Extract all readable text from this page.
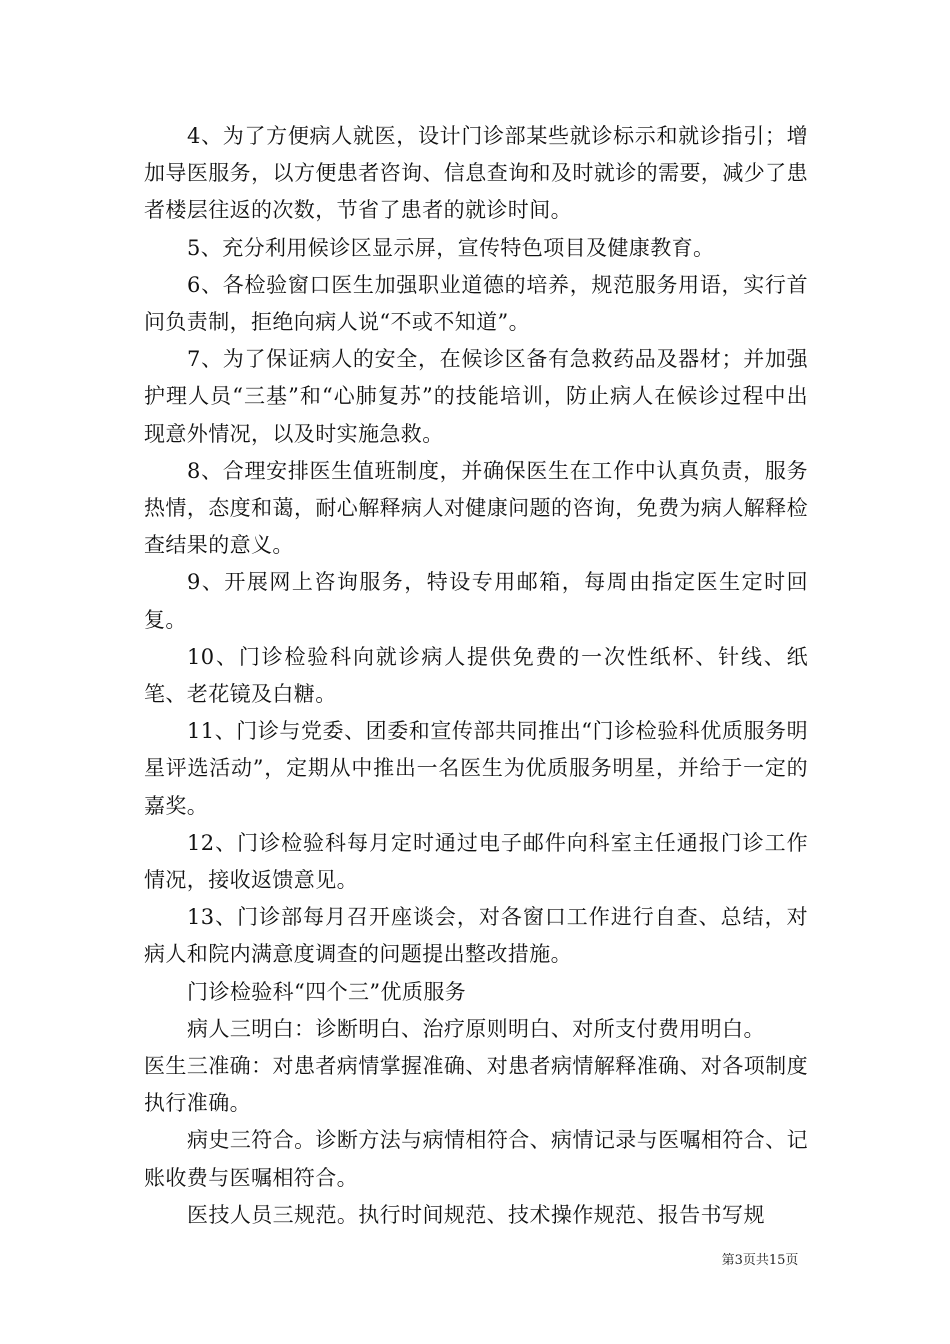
4、为了方便病人就医，设计门诊部某些就诊标示和就诊指引；增加导医服务，以方便患者咨询、信息查询和及时就诊的需要，减少了患者楼层往返的次数，节省了患者的就诊时间。

5、充分利用候诊区显示屏，宣传特色项目及健康教育。

6、各检验窗口医生加强职业道德的培养，规范服务用语，实行首问负责制，拒绝向病人说“不或不知道”。

7、为了保证病人的安全，在候诊区备有急救药品及器材；并加强护理人员“三基”和“心肺复苏”的技能培训，防止病人在候诊过程中出现意外情况，以及时实施急救。

8、合理安排医生值班制度，并确保医生在工作中认真负责，服务热情，态度和蔼，耐心解释病人对健康问题的咨询，免费为病人解释检查结果的意义。

9、开展网上咨询服务，特设专用邮箱，每周由指定医生定时回复。

10、门诊检验科向就诊病人提供免费的一次性纸杯、针线、纸笔、老花镜及白糖。

11、门诊与党委、团委和宣传部共同推出“门诊检验科优质服务明星评选活动”，定期从中推出一名医生为优质服务明星，并给于一定的嘉奖。

12、门诊检验科每月定时通过电子邮件向科室主任通报门诊工作情况，接收返馈意见。

13、门诊部每月召开座谈会，对各窗口工作进行自查、总结，对病人和院内满意度调查的问题提出整改措施。

门诊检验科“四个三”优质服务

病人三明白：诊断明白、治疗原则明白、对所支付费用明白。

医生三准确：对患者病情掌握准确、对患者病情解释准确、对各项制度执行准确。

病史三符合。诊断方法与病情相符合、病情记录与医嘱相符合、记账收费与医嘱相符合。

医技人员三规范。执行时间规范、技术操作规范、报告书写规

第3页共15页
